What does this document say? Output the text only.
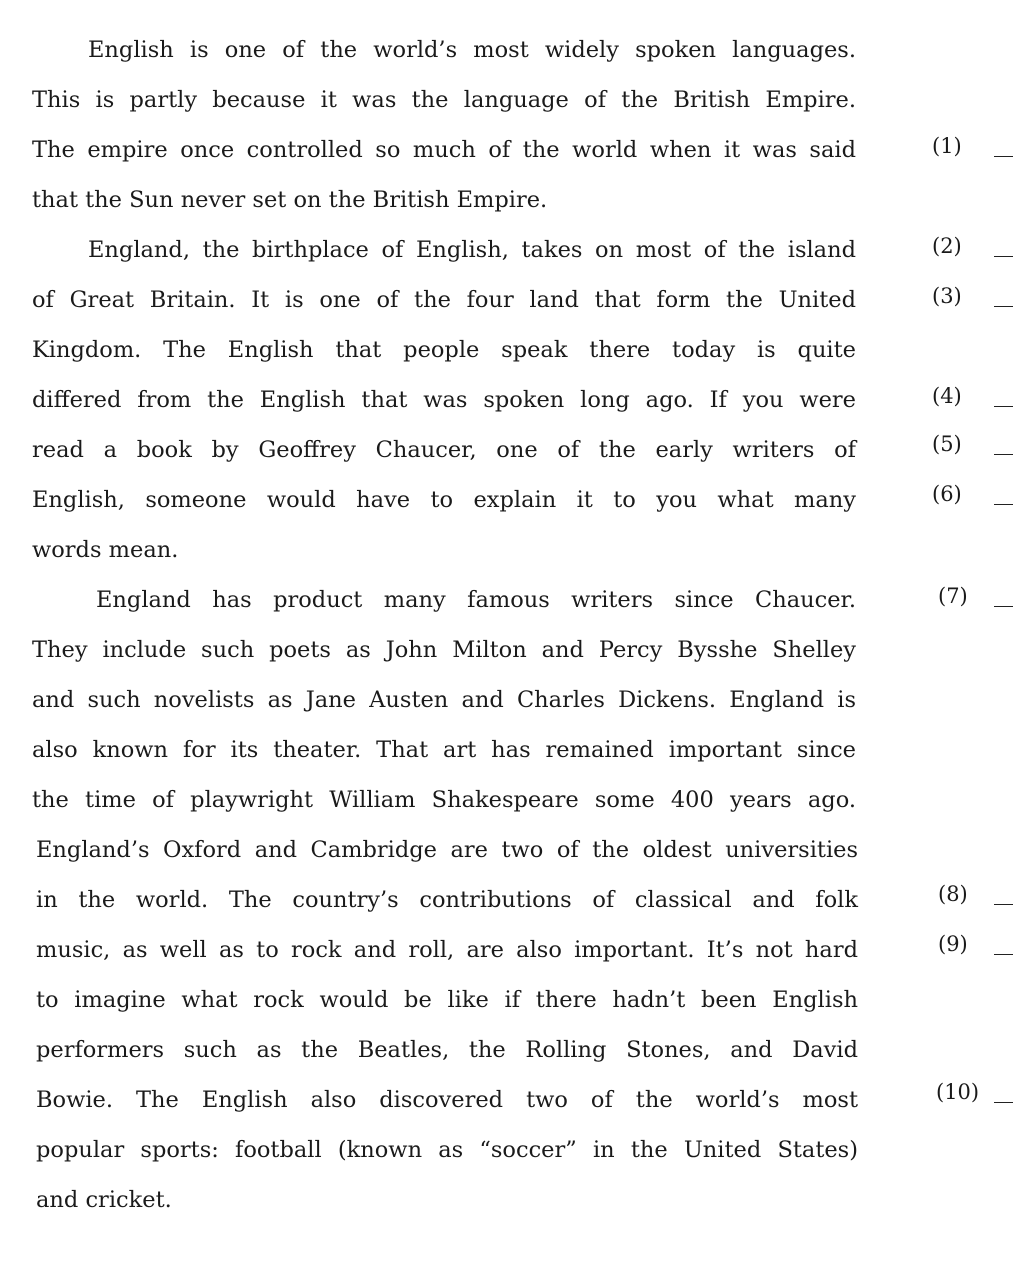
English is one of the world’s most widely spoken languages.
This is partly because it was the language of the British Empire.
The empire once controlled so much of the world when it was said
that the Sun never set on the British Empire.
England, the birthplace of English, takes on most of the island
of Great Britain. It is one of the four land that form the United
Kingdom. The English that people speak there today is quite
differed from the English that was spoken long ago. If you were
read a book by Geoffrey Chaucer, one of the early writers of
English, someone would have to explain it to you what many
words mean.
England has product many famous writers since Chaucer.
They include such poets as John Milton and Percy Bysshe Shelley
and such novelists as Jane Austen and Charles Dickens. England is
also known for its theater. That art has remained important since
the time of playwright William Shakespeare some 400 years ago.
England’s Oxford and Cambridge are two of the oldest universities
in the world. The country’s contributions of classical and folk
music, as well as to rock and roll, are also important. It’s not hard
to imagine what rock would be like if there hadn’t been English
performers such as the Beatles, the Rolling Stones, and David
Bowie. The English also discovered two of the world’s most
popular sports: football (known as “soccer” in the United States)
and cricket.
(1)
(2)
(3)
(4)
(5)
(6)
(7)
(8)
(9)
(10)
